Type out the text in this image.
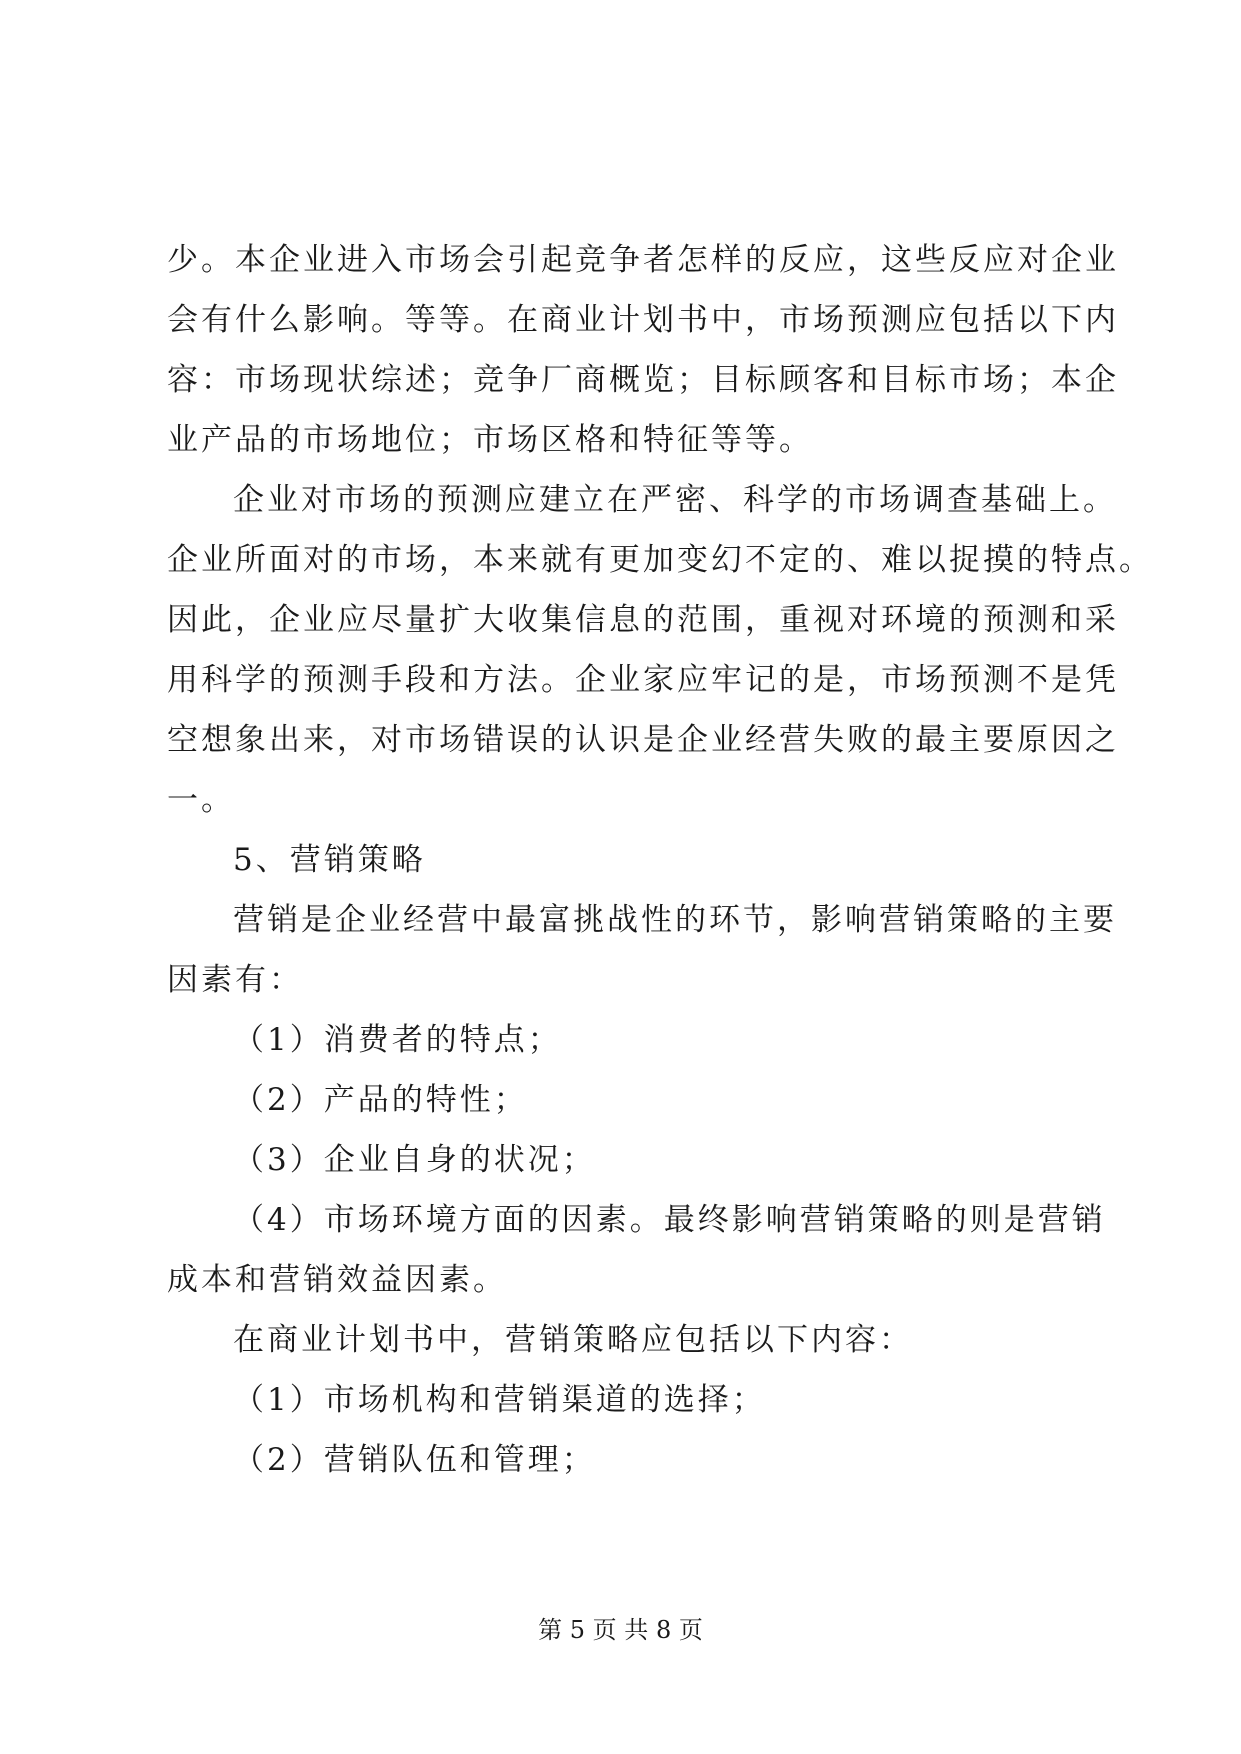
少。本企业进入市场会引起竞争者怎样的反应，这些反应对企业
会有什么影响。等等。在商业计划书中，市场预测应包括以下内
容：市场现状综述；竞争厂商概览；目标顾客和目标市场；本企
业产品的市场地位；市场区格和特征等等。
企业对市场的预测应建立在严密、科学的市场调查基础上。
企业所面对的市场，本来就有更加变幻不定的、难以捉摸的特点。
因此，企业应尽量扩大收集信息的范围，重视对环境的预测和采
用科学的预测手段和方法。企业家应牢记的是，市场预测不是凭
空想象出来，对市场错误的认识是企业经营失败的最主要原因之
一。
5、营销策略
营销是企业经营中最富挑战性的环节，影响营销策略的主要
因素有：
（1）消费者的特点；
（2）产品的特性；
（3）企业自身的状况；
（4）市场环境方面的因素。最终影响营销策略的则是营销
成本和营销效益因素。
在商业计划书中，营销策略应包括以下内容：
（1）市场机构和营销渠道的选择；
（2）营销队伍和管理；
第 5 页 共 8 页
